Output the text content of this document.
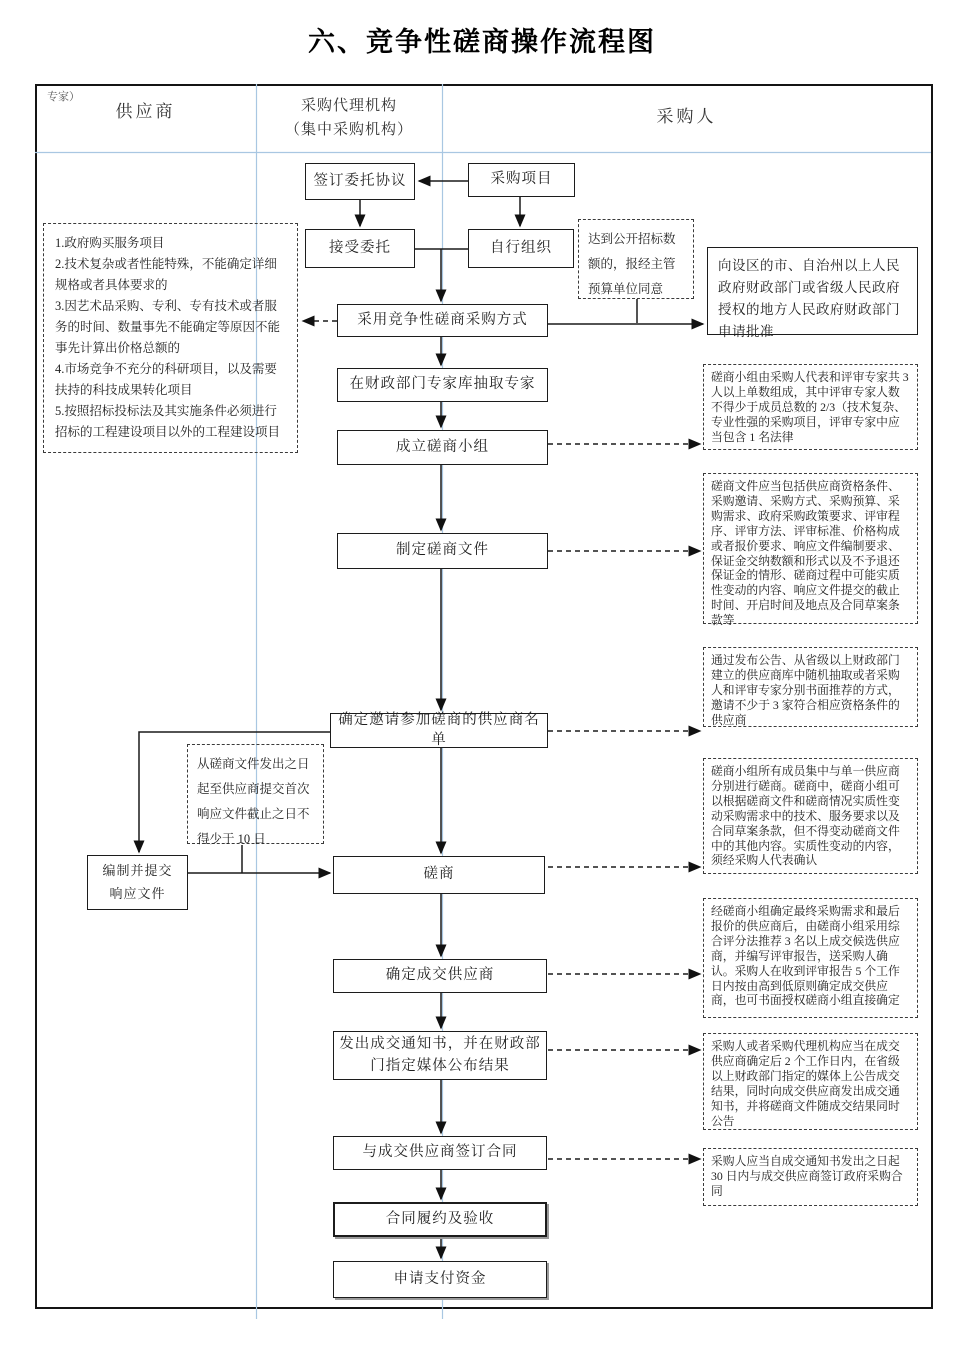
六、竞争性磋商操作流程图
专家）
供应商	采购代理机构
（集中采购机构）
采购人
签订委托协议	采购项目
接受委托	自行组织
向设区的市、自治州以上人民政府财政部门或省级人民政府授权的地方人民政府财政部门申请批准
采用竞争性磋商采购方式
在财政部门专家库抽取专家
成立磋商小组
制定磋商文件
确定邀请参加磋商的供应商名单
编制并提交响应文件
磋商
确定成交供应商
发出成交通知书，并在财政部门指定媒体公布结果
与成交供应商签订合同
合同履约及验收
申请支付资金
1.政府购买服务项目
2.技术复杂或者性能特殊，不能确定详细规格或者具体要求的
3.因艺术品采购、专利、专有技术或者服务的时间、数量事先不能确定等原因不能事先计算出价格总额的
4.市场竞争不充分的科研项目，以及需要扶持的科技成果转化项目
5.按照招标投标法及其实施条件必须进行招标的工程建设项目以外的工程建设项目
达到公开招标数额的，报经主管预算单位同意
从磋商文件发出之日起至供应商提交首次响应文件截止之日不得少于 10 日
磋商小组由采购人代表和评审专家共 3 人以上单数组成，其中评审专家人数不得少于成员总数的 2/3（技术复杂、专业性强的采购项目，评审专家中应当包含 1 名法律
磋商文件应当包括供应商资格条件、采购邀请、采购方式、采购预算、采购需求、政府采购政策要求、评审程序、评审方法、评审标准、价格构成或者报价要求、响应文件编制要求、保证金交纳数额和形式以及不予退还保证金的情形、磋商过程中可能实质性变动的内容、响应文件提交的截止时间、开启时间及地点及合同草案条款等
通过发布公告、从省级以上财政部门建立的供应商库中随机抽取或者采购人和评审专家分别书面推荐的方式，邀请不少于 3 家符合相应资格条件的供应商
磋商小组所有成员集中与单一供应商分别进行磋商。磋商中，磋商小组可以根据磋商文件和磋商情况实质性变动采购需求中的技术、服务要求以及合同草案条款，但不得变动磋商文件中的其他内容。实质性变动的内容，须经采购人代表确认
经磋商小组确定最终采购需求和最后报价的供应商后，由磋商小组采用综合评分法推荐 3 名以上成交候选供应商，并编写评审报告，送采购人确认。采购人在收到评审报告 5 个工作日内按由高到低原则确定成交供应商，也可书面授权磋商小组直接确定
采购人或者采购代理机构应当在成交供应商确定后 2 个工作日内，在省级以上财政部门指定的媒体上公告成交结果，同时向成交供应商发出成交通知书，并将磋商文件随成交结果同时公告
采购人应当自成交通知书发出之日起 30 日内与成交供应商签订政府采购合同
